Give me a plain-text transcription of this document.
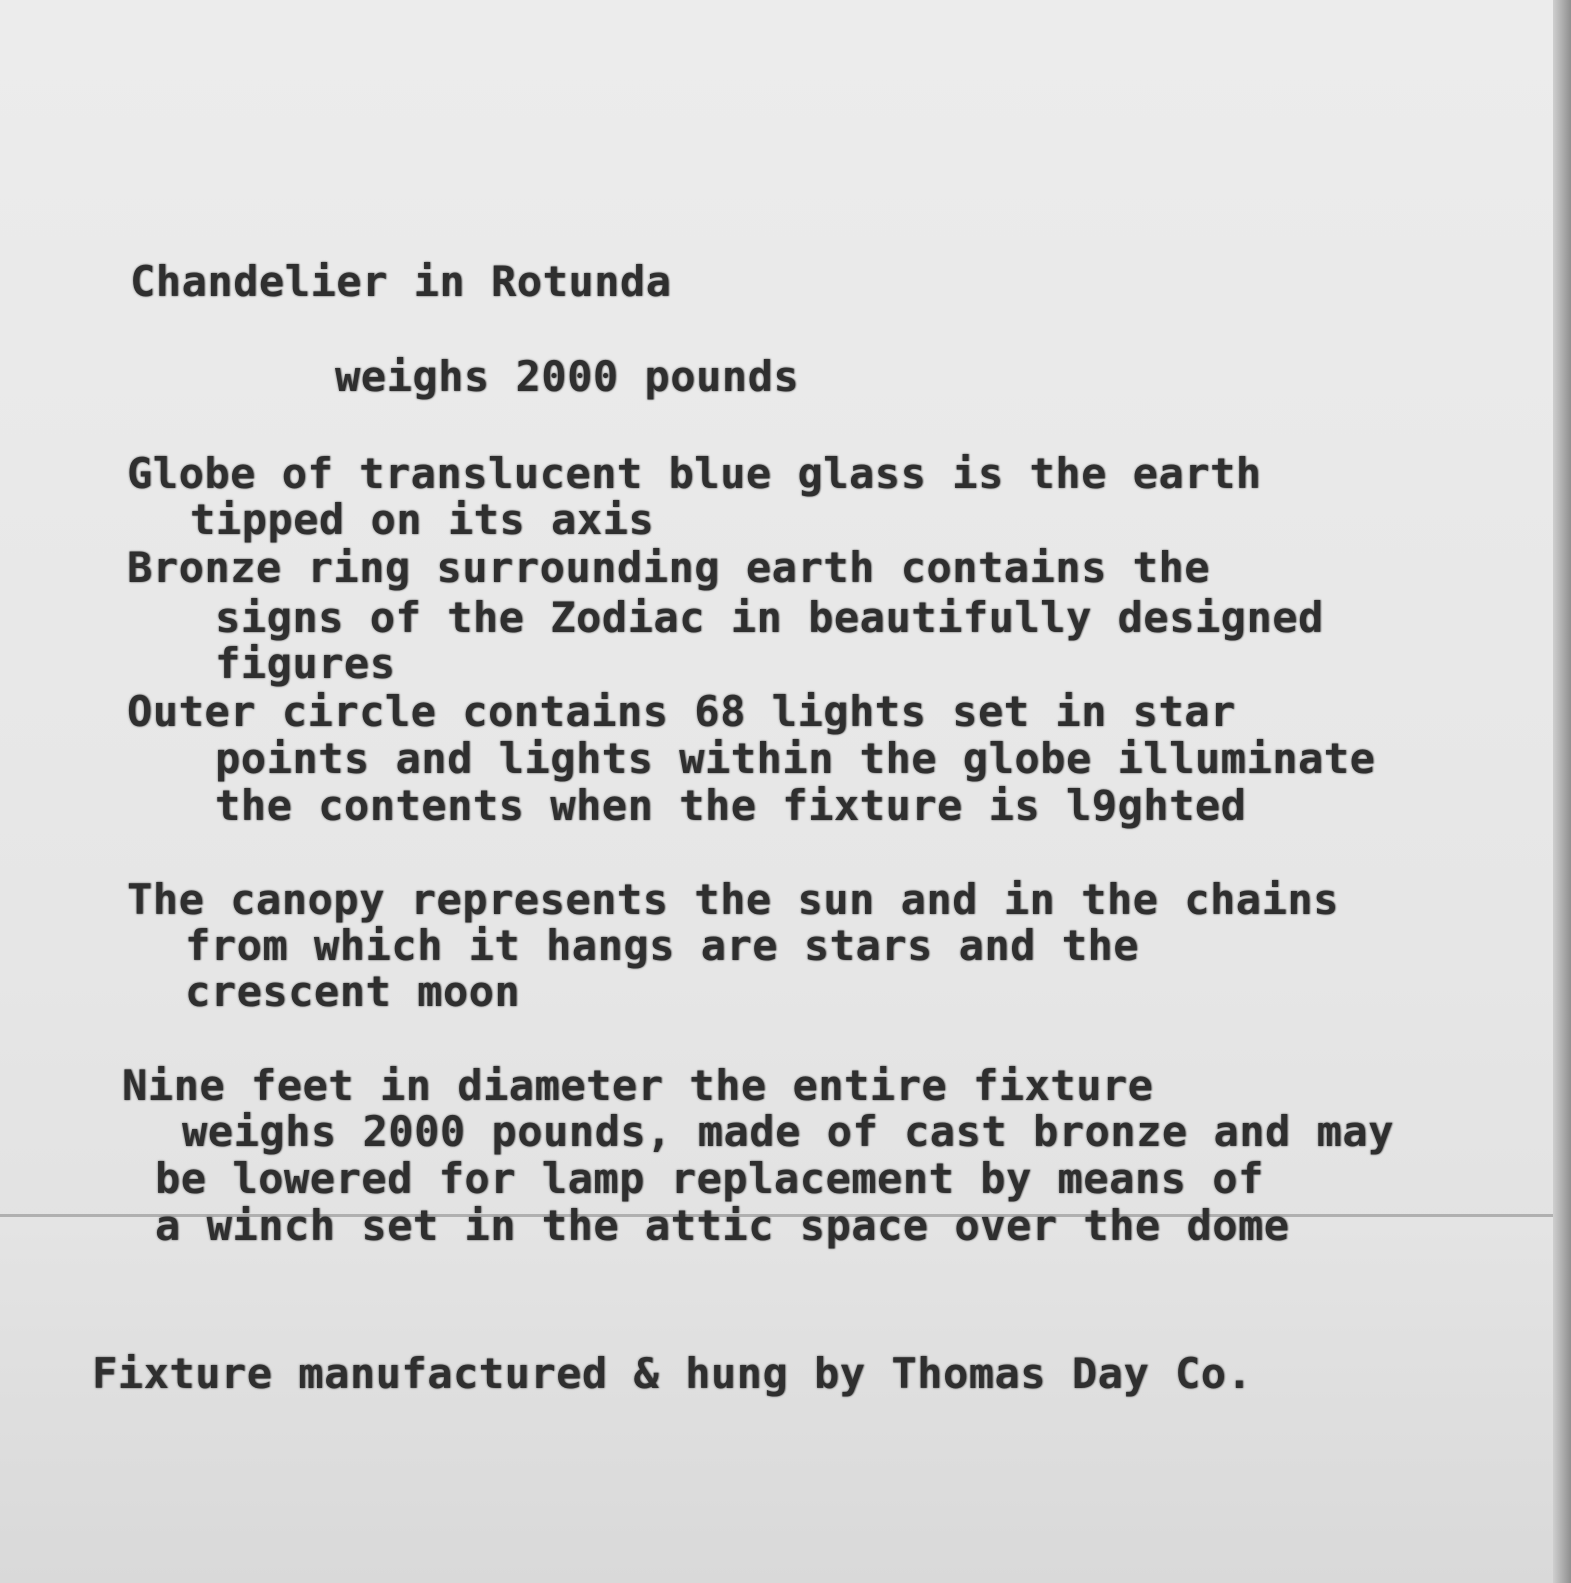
Chandelier in Rotunda

weighs 2000 pounds

Globe of translucent blue glass is the earth

tipped on its axis

Bronze ring surrounding earth contains the

signs of the Zodiac in beautifully designed

figures

Outer circle contains 68 lights set in star

points and lights within the globe illuminate

the contents when the fixture is l9ghted

The canopy represents the sun and in the chains

from which it hangs are stars and the

crescent moon

Nine feet in diameter the entire fixture

weighs 2000 pounds, made of cast bronze and may

be lowered for lamp replacement by means of

a winch set in the attic space over the dome

Fixture manufactured & hung by Thomas Day Co.
